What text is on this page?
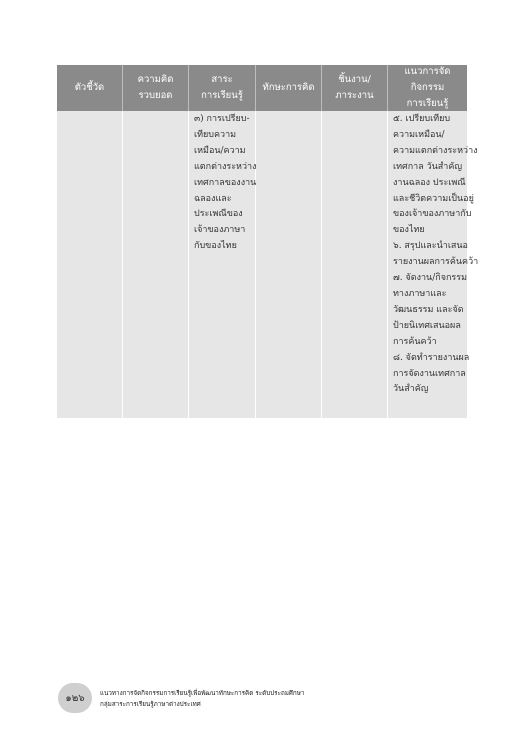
ตัวชี้วัด
ความคิด
รวบยอด
สาระ
การเรียนรู้
ทักษะการคิด
ชิ้นงาน/
ภาระงาน
แนวการจัดกิจกรรม
การเรียนรู้
๓) การเปรียบ-
เทียบความ
เหมือน/ความ
แตกต่างระหว่าง
เทศกาลของงาน
ฉลองและ
ประเพณีของ
เจ้าของภาษา
กับของไทย
๕. เปรียบเทียบ
ความเหมือน/
ความแตกต่างระหว่าง
เทศกาล วันสำคัญ
งานฉลอง ประเพณี
และชีวิตความเป็นอยู่
ของเจ้าของภาษากับ
ของไทย
๖. สรุปและนำเสนอ
รายงานผลการค้นคว้า
๗. จัดงาน/กิจกรรม
ทางภาษาและ
วัฒนธรรม และจัด
ป้ายนิเทศเสนอผล
การค้นคว้า
๘. จัดทำรายงานผล
การจัดงานเทศกาล
วันสำคัญ
๑๒๖	แนวทางการจัดกิจกรรมการเรียนรู้เพื่อพัฒนาทักษะการคิด ระดับประถมศึกษา
กลุ่มสาระการเรียนรู้ภาษาต่างประเทศ
